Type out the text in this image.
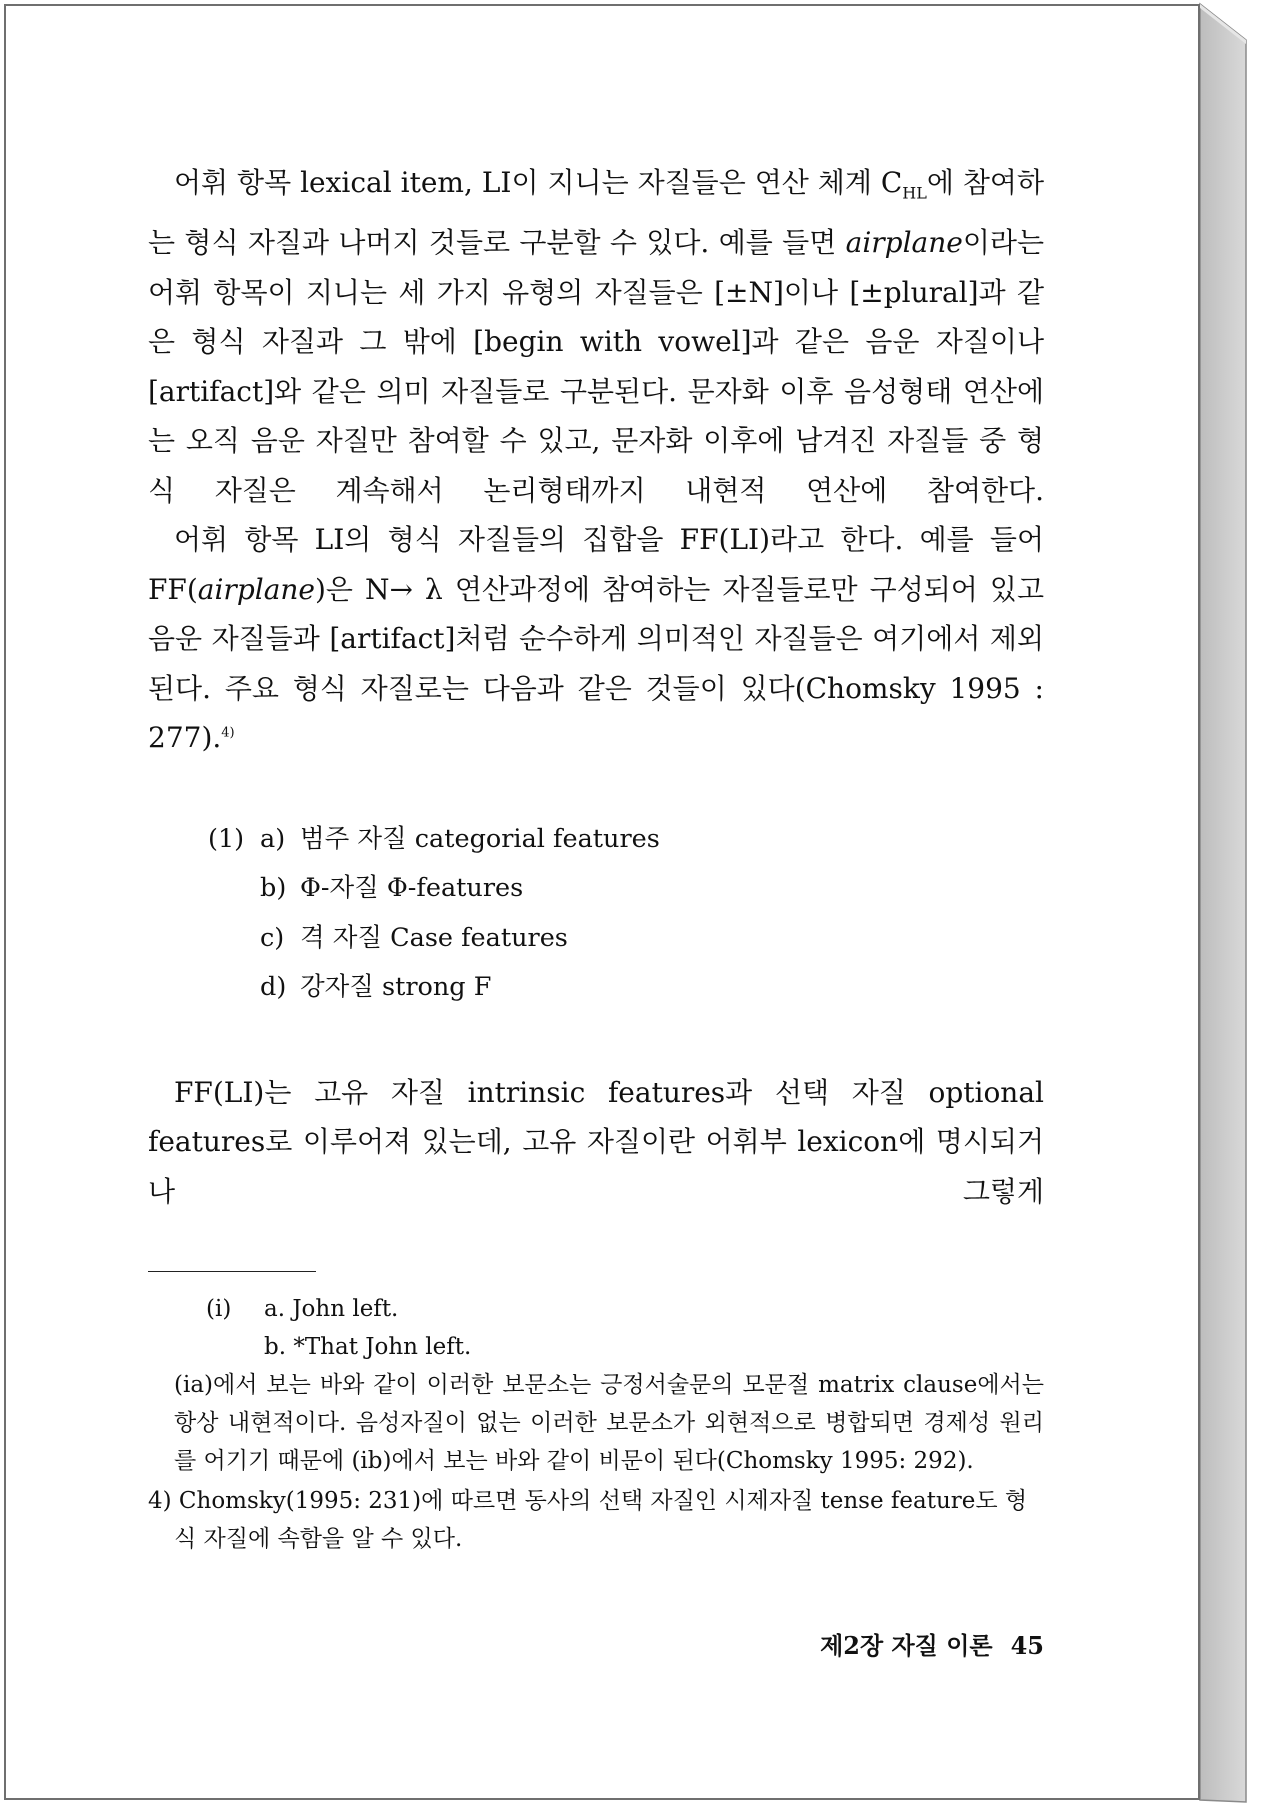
어휘 항목 lexical item, LI이 지니는 자질들은 연산 체계 $C_{HL}$에 참여하는 형식 자질과 나머지 것들로 구분할 수 있다. 예를 들면 airplane이라는 어휘 항목이 지니는 세 가지 유형의 자질들은 [±N]이나 [±plural]과 같은 형식 자질과 그 밖에 [begin with vowel]과 같은 음운 자질이나 [artifact]와 같은 의미 자질들로 구분된다. 문자화 이후 음성형태 연산에는 오직 음운 자질만 참여할 수 있고, 문자화 이후에 남겨진 자질들 중 형식 자질은 계속해서 논리형태까지 내현적 연산에 참여한다.

어휘 항목 LI의 형식 자질들의 집합을 FF(LI)라고 한다. 예를 들어 FF(airplane)은 N→ λ 연산과정에 참여하는 자질들로만 구성되어 있고 음운 자질들과 [artifact]처럼 순수하게 의미적인 자질들은 여기에서 제외된다. 주요 형식 자질로는 다음과 같은 것들이 있다(Chomsky 1995 : 277).$^{4)}$

(1) a) 범주 자질 categorial features
b) Φ-자질 Φ-features
c) 격 자질 Case features
d) 강자질 strong F

FF(LI)는 고유 자질 intrinsic features과 선택 자질 optional features로 이루어져 있는데, 고유 자질이란 어휘부 lexicon에 명시되거나 그렇게

(i)	a. John left.
b. *That John left.

(ia)에서 보는 바와 같이 이러한 보문소는 긍정서술문의 모문절 matrix clause에서는 항상 내현적이다. 음성자질이 없는 이러한 보문소가 외현적으로 병합되면 경제성 원리를 어기기 때문에 (ib)에서 보는 바와 같이 비문이 된다(Chomsky 1995: 292).

4) Chomsky(1995: 231)에 따르면 동사의 선택 자질인 시제자질 tense feature도 형
식 자질에 속함을 알 수 있다.

제2장 자질 이론 45
